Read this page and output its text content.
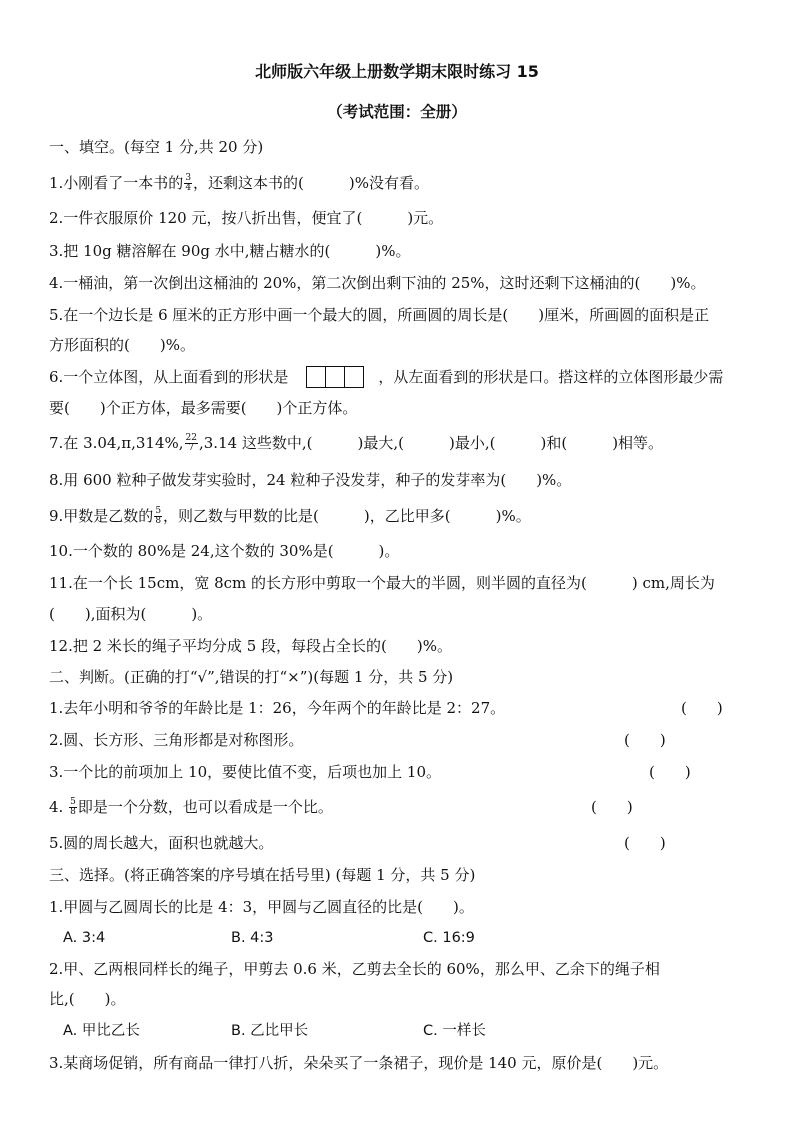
北师版六年级上册数学期末限时练习 15
（考试范围：全册）
一、填空。(每空 1 分,共 20 分)
1.小刚看了一本书的 $\frac{3}{4}$ ，还剩这本书的(　　　)%没有看。
2.一件衣服原价 120 元，按八折出售，便宜了(　　　)元。
3.把 10g 糖溶解在 90g 水中,糖占糖水的(　　　)%。
4.一桶油，第一次倒出这桶油的 20%，第二次倒出剩下油的 25%，这时还剩下这桶油的(　　)%。
5.在一个边长是 6 厘米的正方形中画一个最大的圆，所画圆的周长是(　　)厘米，所画圆的面积是正
方形面积的(　　)%。
6.一个立体图，从上面看到的形状是	，从左面看到的形状是口。搭这样的立体图形最少需
要(　　)个正方体，最多需要(　　)个正方体。
7.在 3.04,π,314%, $\frac{22}{7} ,3.14$ 这些数中,(　　　)最大,(　　　)最小,(　　　)和(　　　)相等。
8.用 600 粒种子做发芽实验时，24 粒种子没发芽，种子的发芽率为(　　)%。
9.甲数是乙数的 $\frac{5}{8}$ ，则乙数与甲数的比是(　　　)，乙比甲多(　　　)%。
10.一个数的 80%是 24,这个数的 30%是(　　　)。
11.在一个长 15cm，宽 8cm 的长方形中剪取一个最大的半圆，则半圆的直径为(　　　) cm,周长为
(　　),面积为(　　　)。
12.把 2 米长的绳子平均分成 5 段，每段占全长的(　　)%。
二、判断。(正确的打“√”,错误的打“×”)(每题 1 分，共 5 分)
1.去年小明和爷爷的年龄比是 1：26，今年两个的年龄比是 2：27。	(　　)
2.圆、长方形、三角形都是对称图形。	(　　)
3.一个比的前项加上 10，要使比值不变，后项也加上 10。	(　　)
4. $\frac{5}{8}$ 即是一个分数，也可以看成是一个比。	(　　)
5.圆的周长越大，面积也就越大。	(　　)
三、选择。(将正确答案的序号填在括号里) (每题 1 分，共 5 分)
1.甲圆与乙圆周长的比是 4：3，甲圆与乙圆直径的比是(　　)。
A. 3:4	B. 4:3	C. 16:9
2.甲、乙两根同样长的绳子，甲剪去 0.6 米，乙剪去全长的 60%，那么甲、乙余下的绳子相
比,(　　)。
A. 甲比乙长	B. 乙比甲长	C. 一样长
3.某商场促销，所有商品一律打八折，朵朵买了一条裙子，现价是 140 元，原价是(　　)元。
